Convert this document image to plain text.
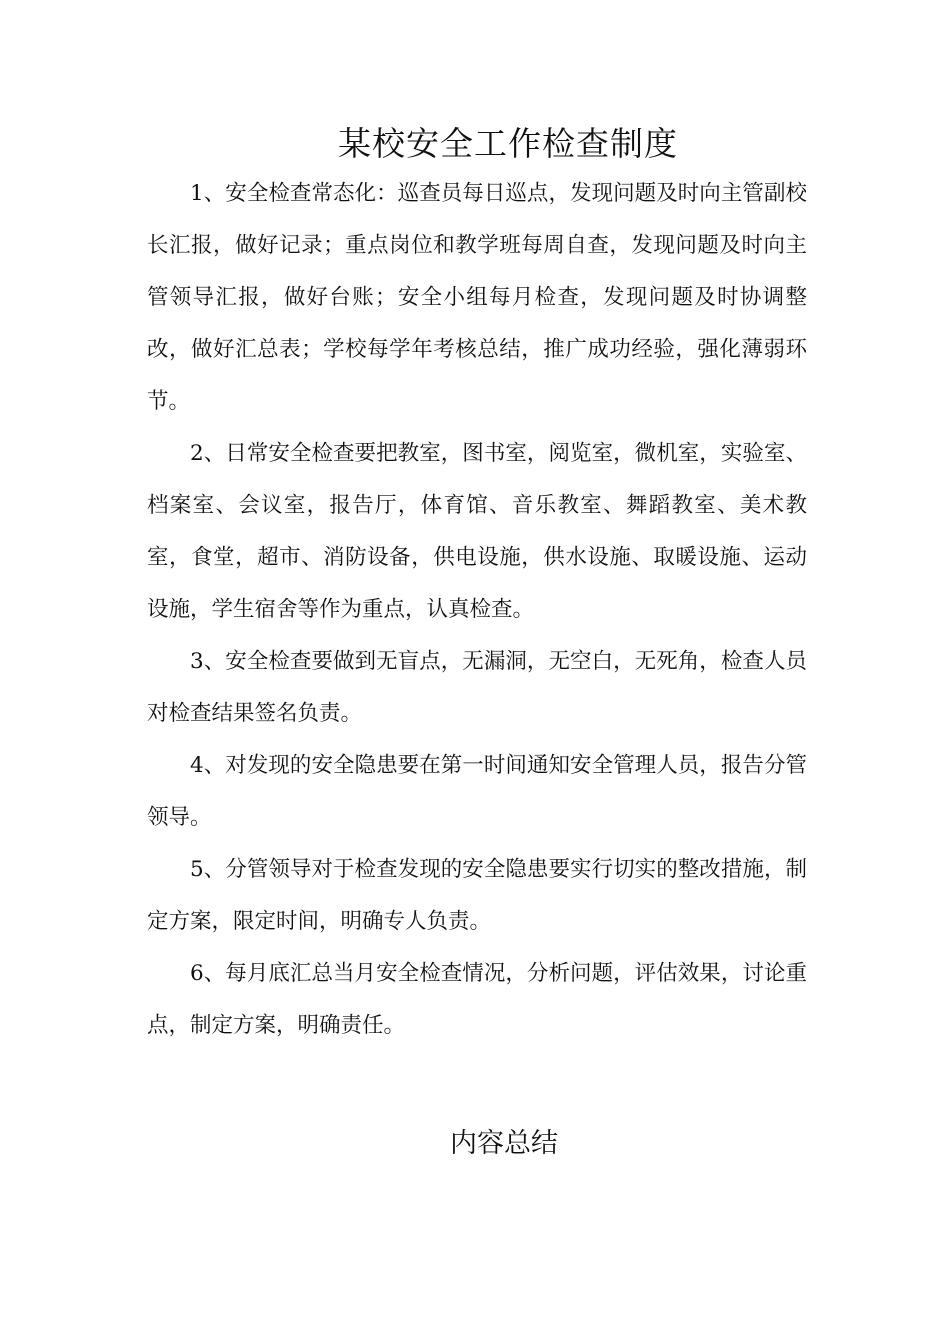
某校安全工作检查制度

1、安全检查常态化：巡查员每日巡点，发现问题及时向主管副校长汇报，做好记录；重点岗位和教学班每周自查，发现问题及时向主管领导汇报，做好台账；安全小组每月检查，发现问题及时协调整改，做好汇总表；学校每学年考核总结，推广成功经验，强化薄弱环节。

2、日常安全检查要把教室，图书室，阅览室，微机室，实验室、档案室、会议室，报告厅，体育馆、音乐教室、舞蹈教室、美术教室，食堂，超市、消防设备，供电设施，供水设施、取暖设施、运动设施，学生宿舍等作为重点，认真检查。

3、安全检查要做到无盲点，无漏洞，无空白，无死角，检查人员对检查结果签名负责。

4、对发现的安全隐患要在第一时间通知安全管理人员，报告分管领导。

5、分管领导对于检查发现的安全隐患要实行切实的整改措施，制定方案，限定时间，明确专人负责。

6、每月底汇总当月安全检查情况，分析问题，评估效果，讨论重点，制定方案，明确责任。

内容总结
